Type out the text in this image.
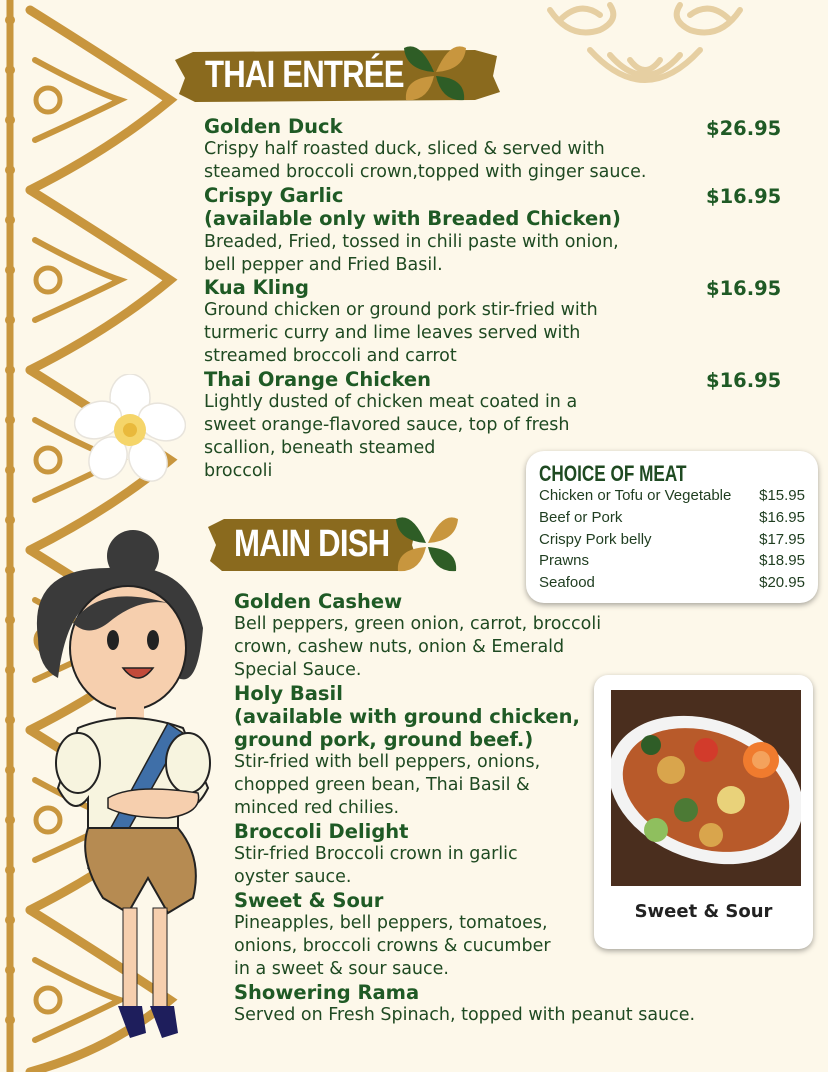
THAI ENTRÉE
Golden Duck	$26.95
Crispy half roasted duck, sliced & served with
steamed broccoli crown,topped with ginger sauce.
Crispy Garlic
(available only with Breaded Chicken)
$16.95
Breaded, Fried, tossed in chili paste with onion,
bell pepper and Fried Basil.
Kua Kling	$16.95
Ground chicken or ground pork stir-fried with
turmeric curry and lime leaves served with
streamed broccoli and carrot
Thai Orange Chicken	$16.95
Lightly dusted of chicken meat coated in a
sweet orange-flavored sauce, top of fresh
scallion, beneath steamed
broccoli	CHOICE OF MEAT
Chicken or Tofu or Vegetable $15.95
Beef or Pork	$16.95
Crispy Pork belly	$17.95
Prawns	$18.95
Seafood	$20.95
MAIN DISH
Golden Cashew
Bell peppers, green onion, carrot, broccoli
crown, cashew nuts, onion & Emerald
Special Sauce.
Holy Basil
(available with ground chicken,
ground pork, ground beef.)
Stir-fried with bell peppers, onions,
chopped green bean, Thai Basil &
minced red chilies.
Broccoli Delight
Stir-fried Broccoli crown in garlic
oyster sauce.
Sweet & Sour
Pineapples, bell peppers, tomatoes,
onions, broccoli crowns & cucumber
in a sweet & sour sauce.
Showering Rama
Served on Fresh Spinach, topped with peanut sauce.
Sweet & Sour
